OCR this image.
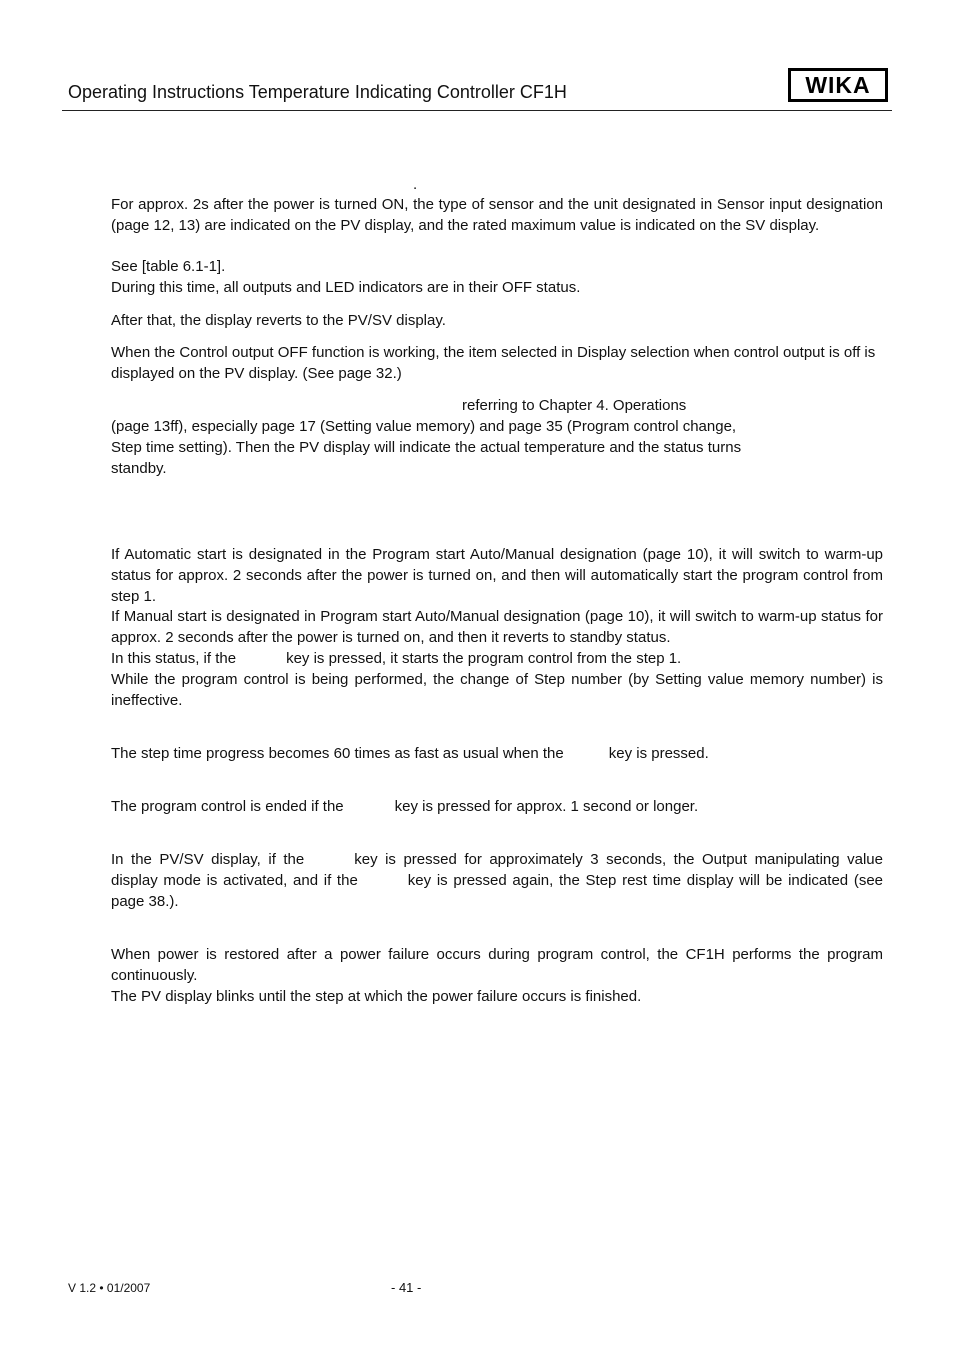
Operating Instructions Temperature Indicating Controller CF1H	WIKA
.

For approx. 2s after the power is turned ON, the type of sensor and the unit designated in Sensor input designation (page 12, 13) are indicated on the PV display, and the rated maximum value is indicated on the SV display.

See [table 6.1-1].

During this time, all outputs and LED indicators are in their OFF status.

After that, the display reverts to the PV/SV display.

When the Control output OFF function is working, the item selected in Display selection when control output is off is displayed on the PV display. (See page 32.)

referring to Chapter 4. Operations

(page 13ff), especially page 17 (Setting value memory) and page 35 (Program control change, Step time setting). Then the PV display will indicate the actual temperature and the status turns standby.

If Automatic start is designated in the Program start Auto/Manual designation (page 10), it will switch to warm-up status for approx. 2 seconds after the power is turned on, and then will automatically start the program control from step 1.

If Manual start is designated in Program start Auto/Manual designation (page 10), it will switch to warm-up status for approx. 2 seconds after the power is turned on, and then it reverts to standby status.

In this status, if the	key is pressed, it starts the program control from the step 1.

While the program control is being performed, the change of Step number (by Setting value memory number) is ineffective.

The step time progress becomes 60 times as fast as usual when the	key is pressed.

The program control is ended if the	key is pressed for approx. 1 second or longer.

In the PV/SV display, if the	key is pressed for approximately 3 seconds, the Output manipulating value display mode is activated, and if the	key is pressed again, the Step rest time display will be indicated (see page 38.).

When power is restored after a power failure occurs during program control, the CF1H performs the program continuously.

The PV display blinks until the step at which the power failure occurs is finished.

V 1.2 • 01/2007	- 41 -
